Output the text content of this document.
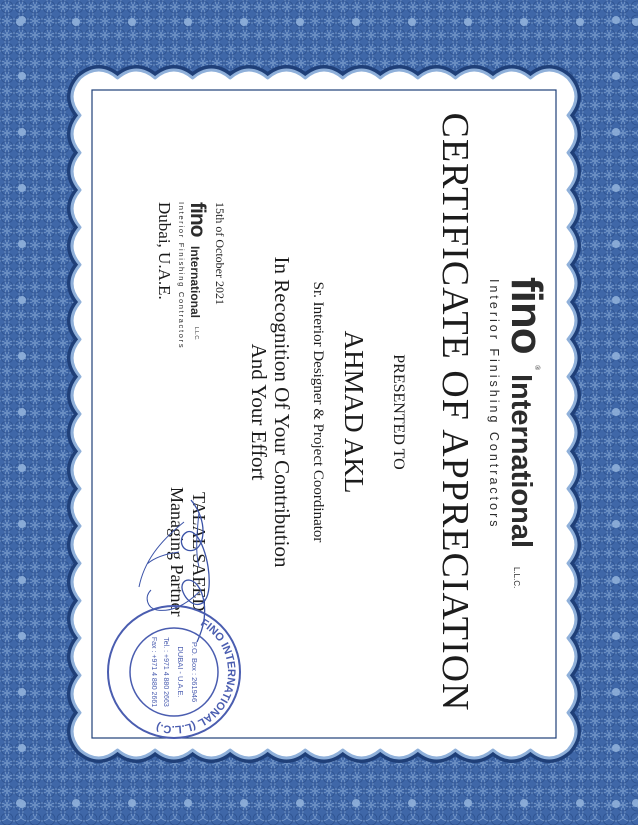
fino
®
International
L.L.C.
Interior Finishing Contractors
CERTIFICATE OF APPRECIATION
PRESENTED TO
AHMAD AKL
Sr. Interior Designer & Project Coordinator
In Recognition Of Your Contribution
And Your Effort
15th of October 2021
fino
International
L.L.C.
Interior Finishing Contractors
Dubai, U.A.E.
TALAL SAEED
Managing Partner
FINO INTERNATIONAL (L.L.C.)
P.O. Box : 261946
DUBAI - U.A.E.
Tel. : +971 4 880 2663
Fax : +971 4 880 2661
